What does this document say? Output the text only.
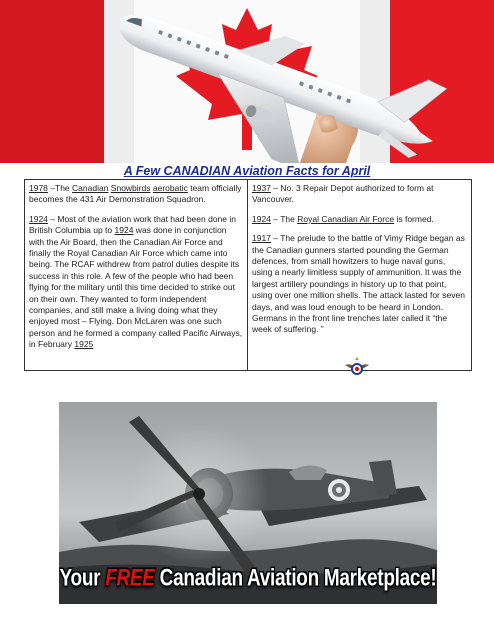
A Few CANADIAN Aviation Facts for April

1978 –The Canadian Snowbirds aerobatic team officially becomes the 431 Air Demonstration Squadron.

1924 – Most of the aviation work that had been done in British Columbia up to 1924 was done in conjunction with the Air Board, then the Canadian Air Force and finally the Royal Canadian Air Force which came into being. The RCAF withdrew from patrol duties despite its success in this role. A few of the people who had been flying for the military until this time decided to strike out on their own. They wanted to form independent companies, and still make a living doing what they enjoyed most – Flying. Don McLaren was one such person and he formed a company called Pacific Airways, in February 1925

1937 – No. 3 Repair Depot authorized to form at Vancouver.

1924 – The Royal Canadian Air Force is formed.

1917 – The prelude to the battle of Vimy Ridge began as the Canadian gunners started pounding the German defences, from small howitzers to huge naval guns, using a nearly limitless supply of ammunition. It was the largest artillery poundings in history up to that point, using over one million shells. The attack lasted for seven days, and was loud enough to be heard in London. Germans in the front line trenches later called it “the week of suffering. ”

Your FREE Canadian Aviation Marketplace!
